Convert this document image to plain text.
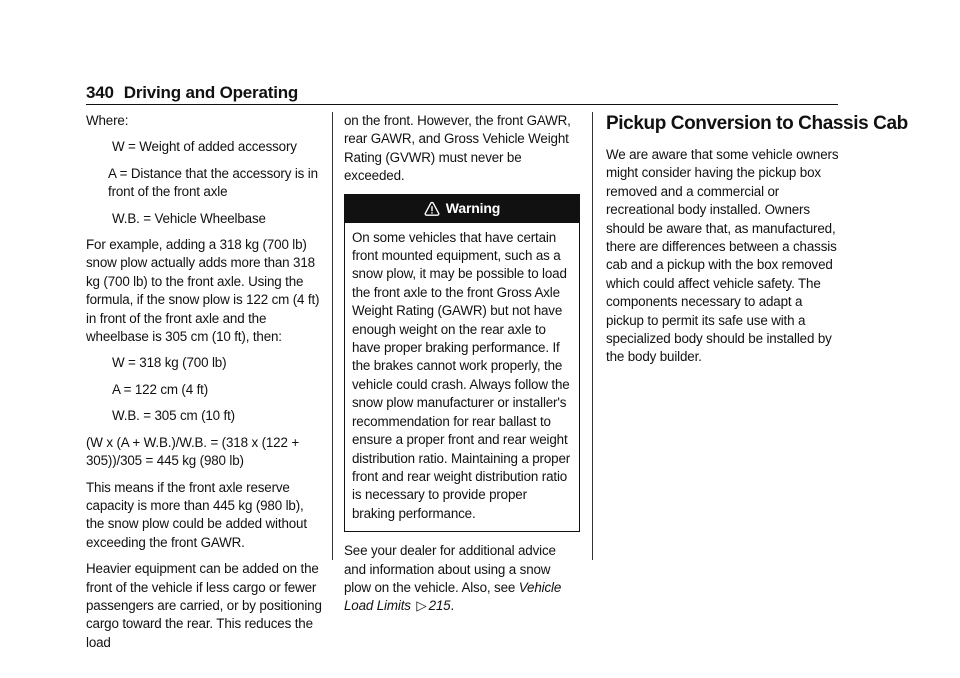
340 Driving and Operating

Where:

W = Weight of added accessory

A = Distance that the accessory is in front of the front axle

W.B. = Vehicle Wheelbase

For example, adding a 318 kg (700 lb) snow plow actually adds more than 318 kg (700 lb) to the front axle. Using the formula, if the snow plow is 122 cm (4 ft) in front of the front axle and the wheelbase is 305 cm (10 ft), then:

W = 318 kg (700 lb)

A = 122 cm (4 ft)

W.B. = 305 cm (10 ft)

(W x (A + W.B.)/W.B. = (318 x (122 + 305))/305 = 445 kg (980 lb)

This means if the front axle reserve capacity is more than 445 kg (980 lb), the snow plow could be added without exceeding the front GAWR.

Heavier equipment can be added on the front of the vehicle if less cargo or fewer passengers are carried, or by positioning cargo toward the rear. This reduces the load

on the front. However, the front GAWR, rear GAWR, and Gross Vehicle Weight Rating (GVWR) must never be exceeded.

Warning
On some vehicles that have certain front mounted equipment, such as a snow plow, it may be possible to load the front axle to the front Gross Axle Weight Rating (GAWR) but not have enough weight on the rear axle to have proper braking performance. If the brakes cannot work properly, the vehicle could crash. Always follow the snow plow manufacturer or installer's recommendation for rear ballast to ensure a proper front and rear weight distribution ratio. Maintaining a proper front and rear weight distribution ratio is necessary to provide proper braking performance.

See your dealer for additional advice and information about using a snow plow on the vehicle. Also, see Vehicle Load Limits ▷ 215.

Pickup Conversion to Chassis Cab

We are aware that some vehicle owners might consider having the pickup box removed and a commercial or recreational body installed. Owners should be aware that, as manufactured, there are differences between a chassis cab and a pickup with the box removed which could affect vehicle safety. The components necessary to adapt a pickup to permit its safe use with a specialized body should be installed by the body builder.
